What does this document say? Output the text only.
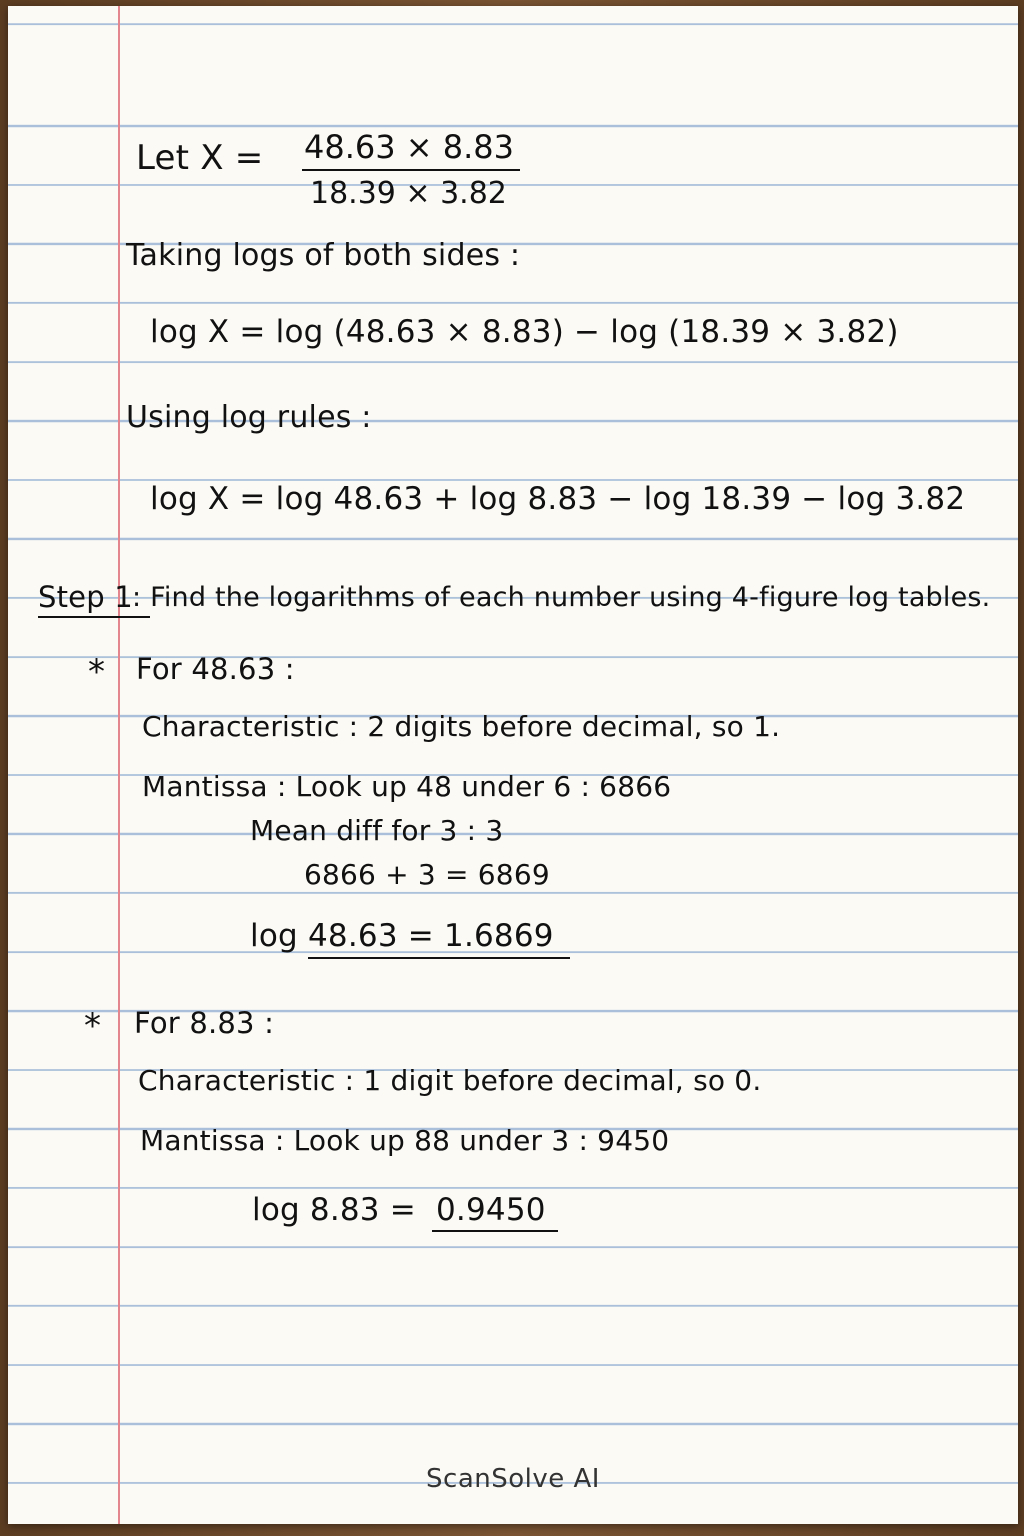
Let X = 48.63 × 8.83
18.39 × 3.82
Taking logs of both sides :
log X = log (48.63 × 8.83) − log (18.39 × 3.82)
Using log rules :
log X = log 48.63 + log 8.83 − log 18.39 − log 3.82
Step 1 : Find the logarithms of each number using 4-figure log tables.
* For 48.63 :
Characteristic : 2 digits before decimal, so 1.
Mantissa : Look up 48 under 6 : 6866
Mean diff for 3 : 3
6866 + 3 = 6869
log 48.63 = 1.6869
* For 8.83 :
Characteristic : 1 digit before decimal, so 0.
Mantissa : Look up 88 under 3 : 9450
log 8.83 = 0.9450
ScanSolve AI
